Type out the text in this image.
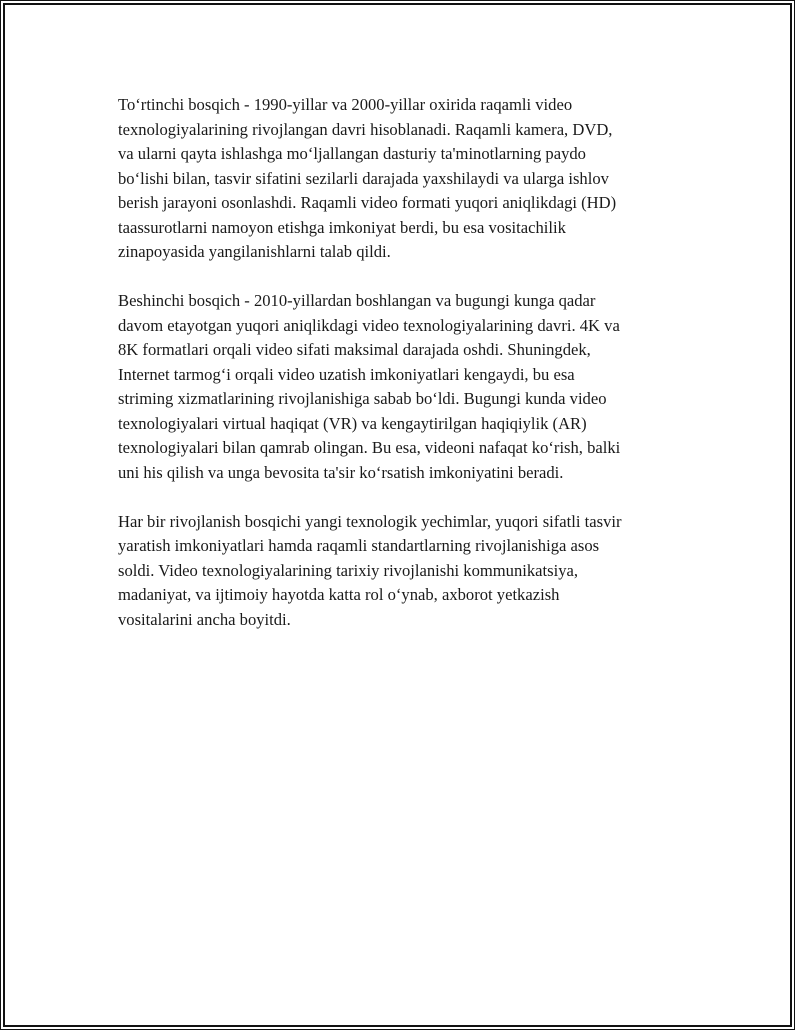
To‘rtinchi bosqich - 1990-yillar va 2000-yillar oxirida raqamli video
texnologiyalarining rivojlangan davri hisoblanadi. Raqamli kamera, DVD,
va ularni qayta ishlashga mo‘ljallangan dasturiy ta'minotlarning paydo
bo‘lishi bilan, tasvir sifatini sezilarli darajada yaxshilaydi va ularga ishlov
berish jarayoni osonlashdi. Raqamli video formati yuqori aniqlikdagi (HD)
taassurotlarni namoyon etishga imkoniyat berdi, bu esa vositachilik
zinapoyasida yangilanishlarni talab qildi.

Beshinchi bosqich - 2010-yillardan boshlangan va bugungi kunga qadar
davom etayotgan yuqori aniqlikdagi video texnologiyalarining davri. 4K va
8K formatlari orqali video sifati maksimal darajada oshdi. Shuningdek,
Internet tarmog‘i orqali video uzatish imkoniyatlari kengaydi, bu esa
striming xizmatlarining rivojlanishiga sabab bo‘ldi. Bugungi kunda video
texnologiyalari virtual haqiqat (VR) va kengaytirilgan haqiqiylik (AR)
texnologiyalari bilan qamrab olingan. Bu esa, videoni nafaqat ko‘rish, balki
uni his qilish va unga bevosita ta'sir ko‘rsatish imkoniyatini beradi.

Har bir rivojlanish bosqichi yangi texnologik yechimlar, yuqori sifatli tasvir
yaratish imkoniyatlari hamda raqamli standartlarning rivojlanishiga asos
soldi. Video texnologiyalarining tarixiy rivojlanishi kommunikatsiya,
madaniyat, va ijtimoiy hayotda katta rol o‘ynab, axborot yetkazish
vositalarini ancha boyitdi.
